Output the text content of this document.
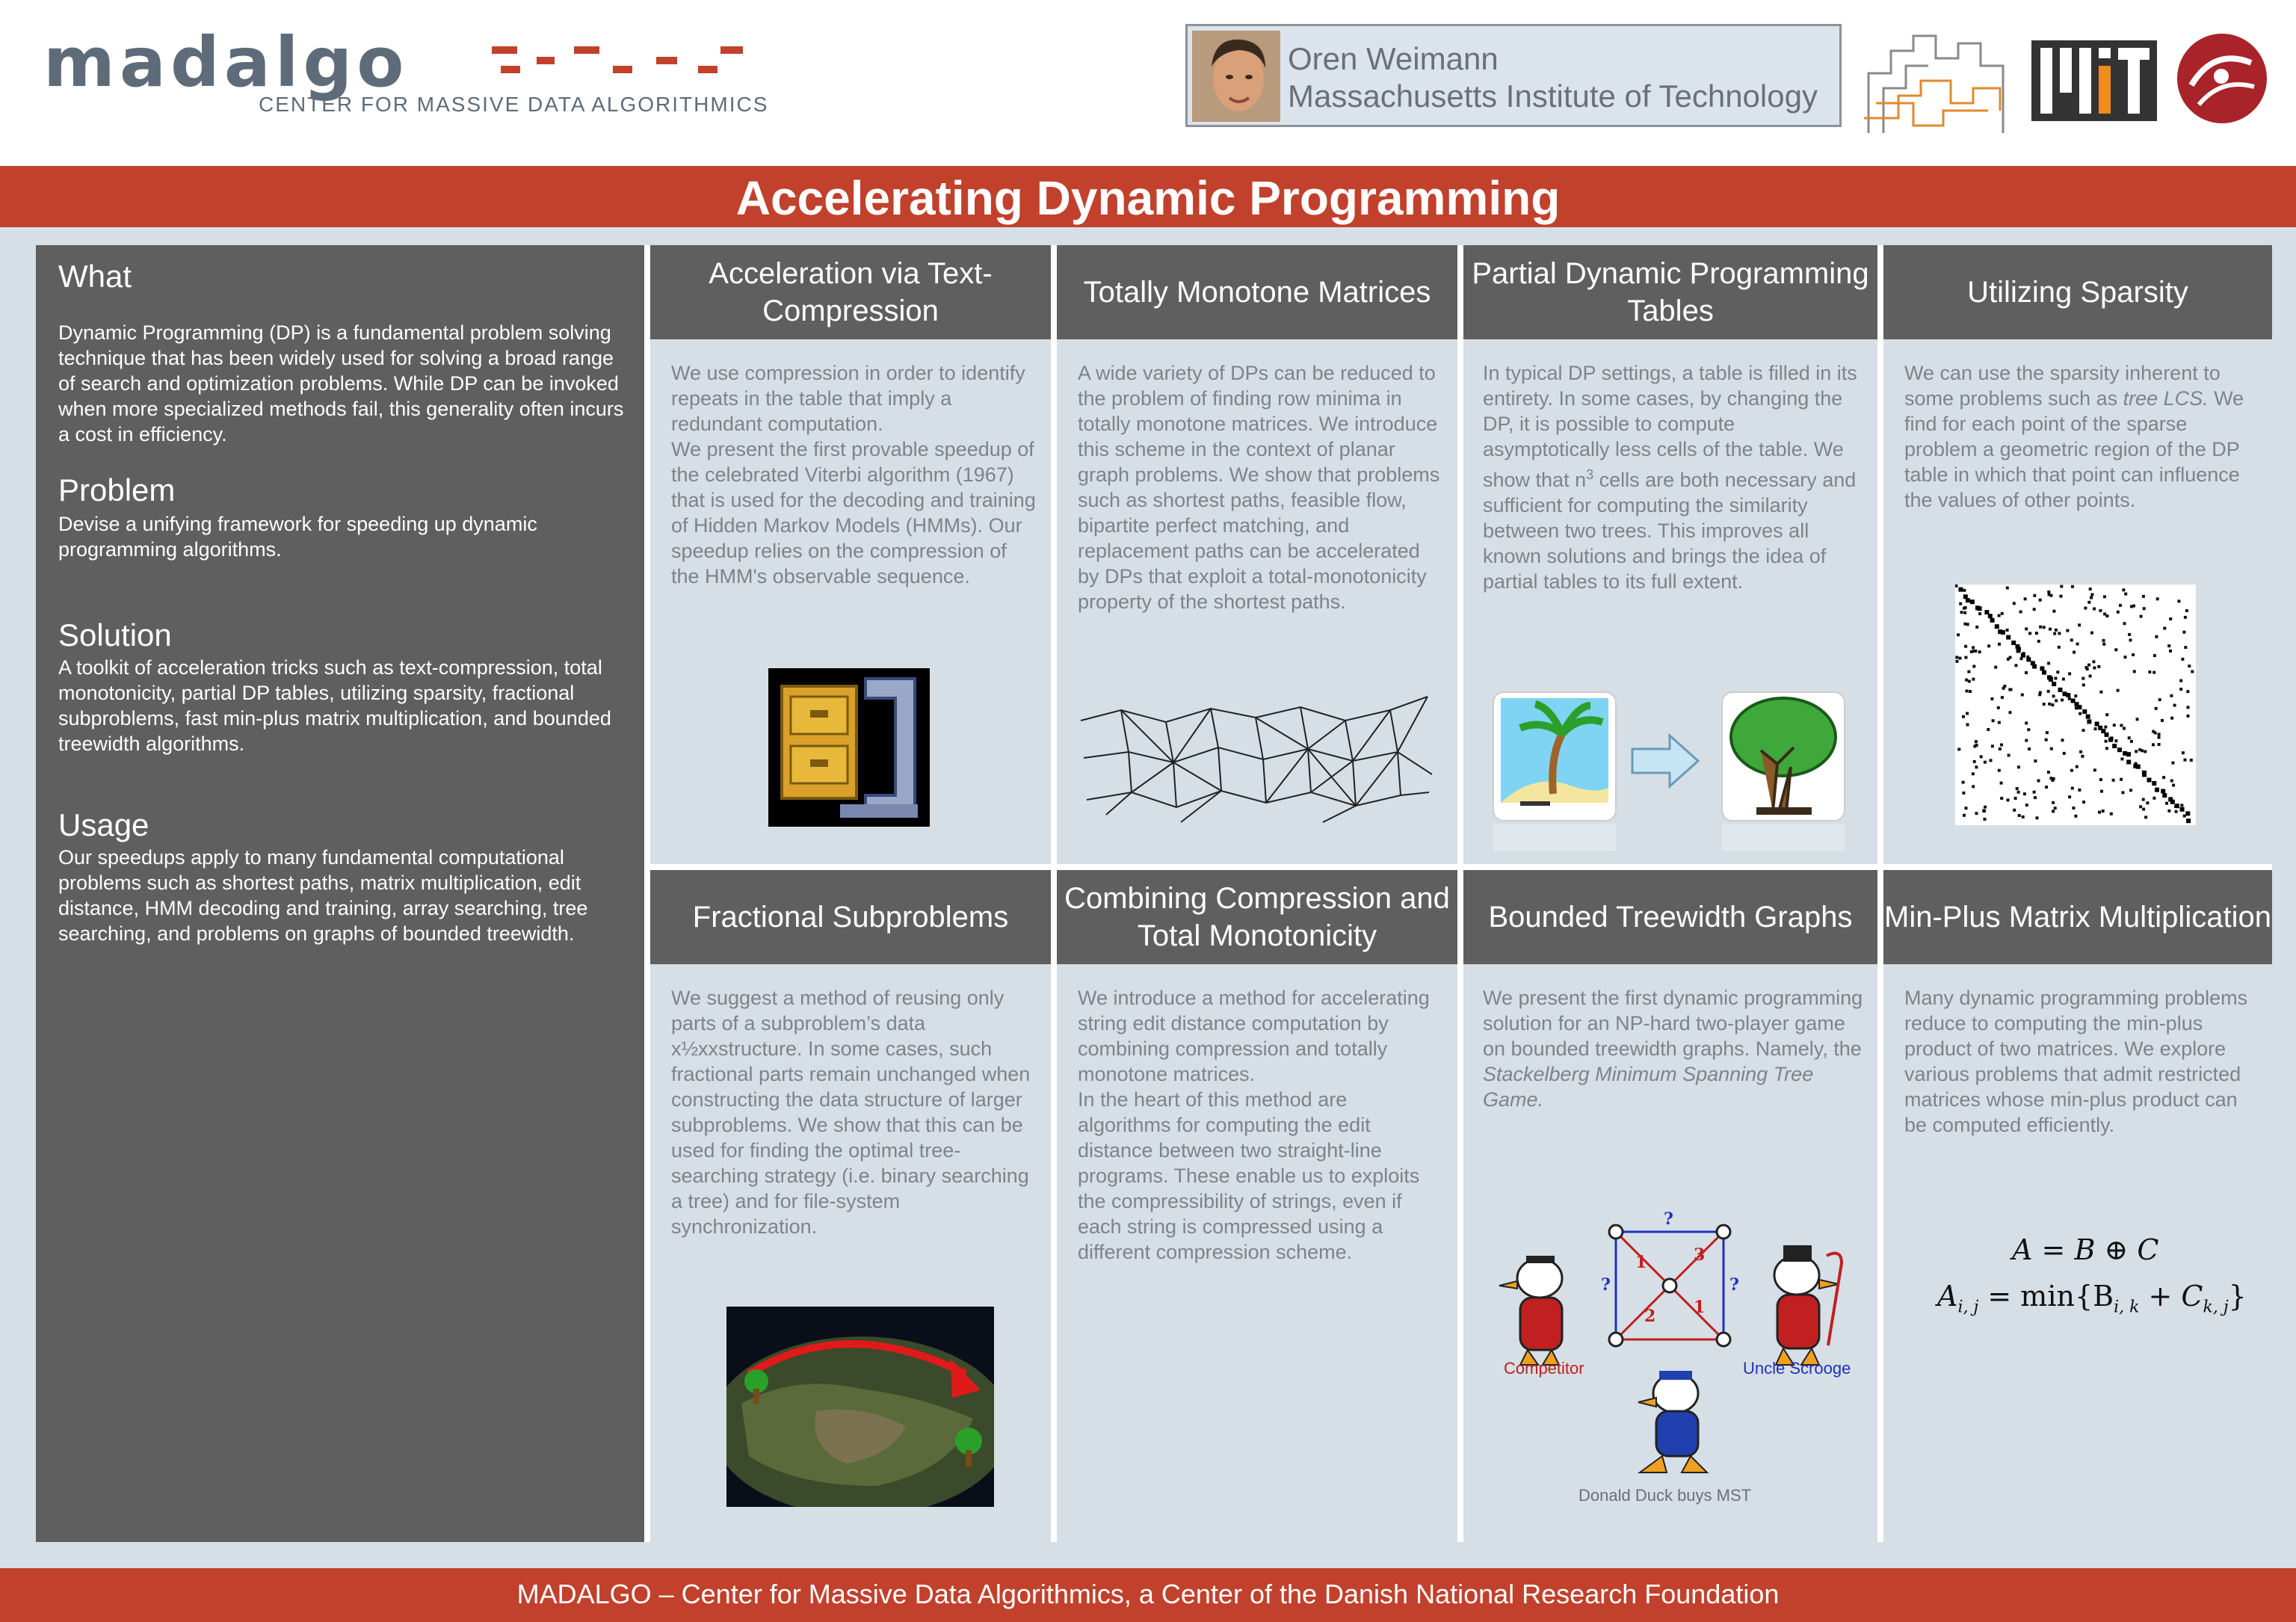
madalgo
CENTER FOR MASSIVE DATA ALGORITHMICS
Oren Weimann
Massachusetts Institute of Technology
Accelerating Dynamic Programming
What
Dynamic Programming (DP) is a fundamental problem solving technique that has been widely used for solving a broad range of search and optimization problems. While DP can be invoked when more specialized methods fail, this generality often incurs a cost in efficiency.
Problem
Devise a unifying framework for speeding up dynamic programming algorithms.
Solution
A toolkit of acceleration tricks such as text-compression, total monotonicity, partial DP tables, utilizing sparsity, fractional subproblems, fast min-plus matrix multiplication, and bounded treewidth algorithms.
Usage
Our speedups apply to many fundamental computational problems such as shortest paths, matrix multiplication, edit distance, HMM decoding and training, array searching, tree searching, and problems on graphs of bounded treewidth.
Acceleration via Text-Compression
We use compression in order to identify repeats in the table that imply a redundant computation.
We present the first provable speedup of the celebrated Viterbi algorithm (1967) that is used for the decoding and training of Hidden Markov Models (HMMs). Our speedup relies on the compression of the HMM's observable sequence.
Totally Monotone Matrices
A wide variety of DPs can be reduced to the problem of finding row minima in totally monotone matrices. We introduce this scheme in the context of planar graph problems. We show that problems such as shortest paths, feasible flow, bipartite perfect matching, and replacement paths can be accelerated by DPs that exploit a total-monotonicity property of the shortest paths.
Partial Dynamic Programming Tables
In typical DP settings, a table is filled in its entirety. In some cases, by changing the DP, it is possible to compute asymptotically less cells of the table. We show that $n^3$ cells are both necessary and sufficient for computing the similarity between two trees. This improves all known solutions and brings the idea of partial tables to its full extent.
Utilizing Sparsity
We can use the sparsity inherent to some problems such as tree LCS. We find for each point of the sparse problem a geometric region of the DP table in which that point can influence the values of other points.
Fractional Subproblems
We suggest a method of reusing only parts of a subproblem’s data x½xxstructure. In some cases, such fractional parts remain unchanged when constructing the data structure of larger subproblems. We show that this can be used for finding the optimal tree-searching strategy (i.e. binary searching a tree) and for file-system synchronization.
Combining Compression and Total Monotonicity
We introduce a method for accelerating string edit distance computation by combining compression and totally monotone matrices.
In the heart of this method are algorithms for computing the edit distance between two straight-line programs. These enable us to exploits the compressibility of strings, even if each string is compressed using a different compression scheme.
Bounded Treewidth Graphs
We present the first dynamic programming solution for an NP-hard two-player game on bounded treewidth graphs. Namely, the Stackelberg Minimum Spanning Tree Game.
?
?	?
1	3
2 1
Competitor	Uncle Scrooge
Donald Duck buys MST
Min-Plus Matrix Multiplication
Many dynamic programming problems reduce to computing the min-plus product of two matrices. We explore various problems that admit restricted matrices whose min-plus product can be computed efficiently.
A = B ⊕ C
$A_{i, j} = \min\{B_{i, k} + C_{k, j}\}$
MADALGO – Center for Massive Data Algorithmics, a Center of the Danish National Research Foundation
